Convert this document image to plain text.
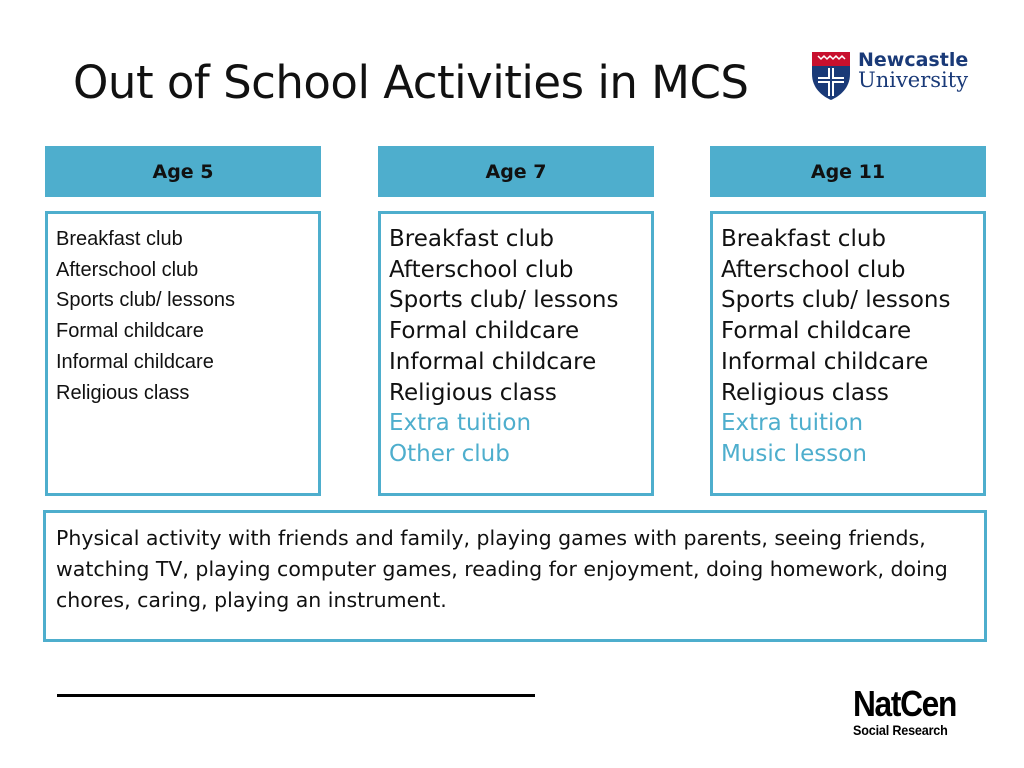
Out of School Activities in MCS	Newcastle
University
Age 5	Age 7	Age 11
Breakfast club
Afterschool club
Sports club/ lessons
Formal childcare
Informal childcare
Religious class
Breakfast club
Afterschool club
Sports club/ lessons
Formal childcare
Informal childcare
Religious class
Extra tuition
Other club
Breakfast club
Afterschool club
Sports club/ lessons
Formal childcare
Informal childcare
Religious class
Extra tuition
Music lesson
Physical activity with friends and family, playing games with parents, seeing friends, watching TV, playing computer games, reading for enjoyment, doing homework, doing chores, caring, playing an instrument.
NatCen
Social Research
